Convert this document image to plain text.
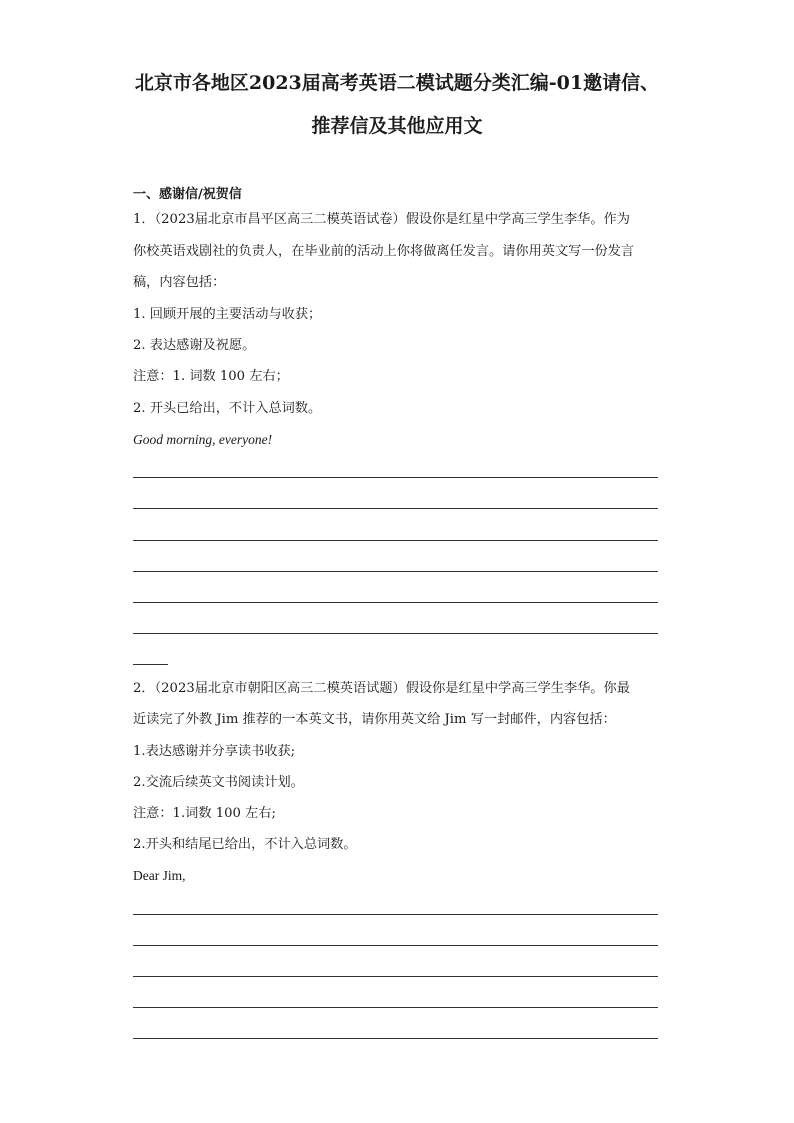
北京市各地区2023届高考英语二模试题分类汇编-01邀请信、
推荐信及其他应用文
一、感谢信/祝贺信

1．（2023届北京市昌平区高三二模英语试卷）假设你是红星中学高三学生李华。作为

你校英语戏剧社的负责人，在毕业前的活动上你将做离任发言。请你用英文写一份发言

稿，内容包括：

1. 回顾开展的主要活动与收获；

2. 表达感谢及祝愿。

注意：1. 词数 100 左右；

2. 开头已给出，不计入总词数。

Good morning, everyone!

2．（2023届北京市朝阳区高三二模英语试题）假设你是红星中学高三学生李华。你最

近读完了外教 Jim 推荐的一本英文书，请你用英文给 Jim 写一封邮件，内容包括：

1.表达感谢并分享读书收获;

2.交流后续英文书阅读计划。

注意：1.词数 100 左右;

2.开头和结尾已给出，不计入总词数。

Dear Jim,
